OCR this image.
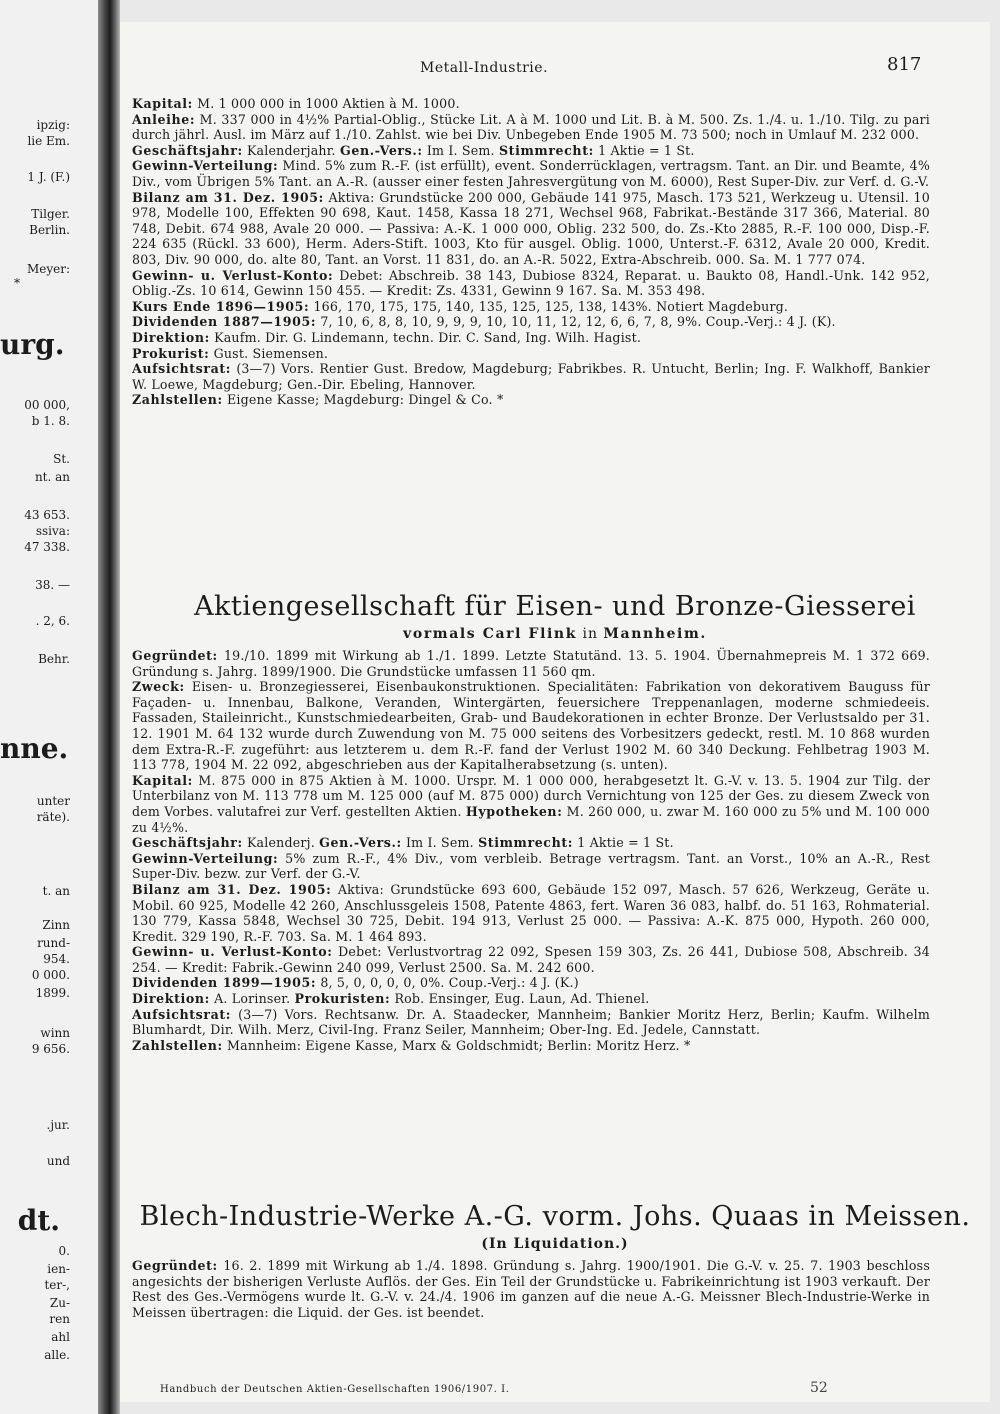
ipzig:
lie Em.
1 J. (F.)
Tilger.
Berlin.
Meyer:
*
urg.
00 000,
b 1. 8.
St.
nt. an
43 653.
ssiva:
47 338.
38. —
. 2, 6.
Behr.
nne.
unter
räte).
t. an
Zinn
rund-
954.
0 000.
1899.
winn
9 656.
.jur.
und
dt.
0.
ien-
ter-,
Zu-
ren
ahl
alle.
Metall-Industrie.	817

Kapital: M. 1 000 000 in 1000 Aktien à M. 1000.

Anleihe: M. 337 000 in 4½% Partial-Oblig., Stücke Lit. A à M. 1000 und Lit. B. à M. 500. Zs. 1./4. u. 1./10. Tilg. zu pari durch jährl. Ausl. im März auf 1./10. Zahlst. wie bei Div. Unbegeben Ende 1905 M. 73 500; noch in Umlauf M. 232 000.

Geschäftsjahr: Kalenderjahr. Gen.-Vers.: Im I. Sem. Stimmrecht: 1 Aktie = 1 St.

Gewinn-Verteilung: Mind. 5% zum R.-F. (ist erfüllt), event. Sonderrücklagen, vertragsm. Tant. an Dir. und Beamte, 4% Div., vom Übrigen 5% Tant. an A.-R. (ausser einer festen Jahresvergütung von M. 6000), Rest Super-Div. zur Verf. d. G.-V.

Bilanz am 31. Dez. 1905: Aktiva: Grundstücke 200 000, Gebäude 141 975, Masch. 173 521, Werkzeug u. Utensil. 10 978, Modelle 100, Effekten 90 698, Kaut. 1458, Kassa 18 271, Wechsel 968, Fabrikat.-Bestände 317 366, Material. 80 748, Debit. 674 988, Avale 20 000. — Passiva: A.-K. 1 000 000, Oblig. 232 500, do. Zs.-Kto 2885, R.-F. 100 000, Disp.-F. 224 635 (Rückl. 33 600), Herm. Aders-Stift. 1003, Kto für ausgel. Oblig. 1000, Unterst.-F. 6312, Avale 20 000, Kredit. 803, Div. 90 000, do. alte 80, Tant. an Vorst. 11 831, do. an A.-R. 5022, Extra-Abschreib. 000. Sa. M. 1 777 074.

Gewinn- u. Verlust-Konto: Debet: Abschreib. 38 143, Dubiose 8324, Reparat. u. Baukto 08, Handl.-Unk. 142 952, Oblig.-Zs. 10 614, Gewinn 150 455. — Kredit: Zs. 4331, Gewinn 9 167. Sa. M. 353 498.

Kurs Ende 1896—1905: 166, 170, 175, 175, 140, 135, 125, 125, 138, 143%. Notiert Magdeburg.

Dividenden 1887—1905: 7, 10, 6, 8, 8, 10, 9, 9, 9, 10, 10, 11, 12, 12, 6, 6, 7, 8, 9%. Coup.-Verj.: 4 J. (K).

Direktion: Kaufm. Dir. G. Lindemann, techn. Dir. C. Sand, Ing. Wilh. Hagist.

Prokurist: Gust. Siemensen.

Aufsichtsrat: (3—7) Vors. Rentier Gust. Bredow, Magdeburg; Fabrikbes. R. Untucht, Berlin; Ing. F. Walkhoff, Bankier W. Loewe, Magdeburg; Gen.-Dir. Ebeling, Hannover.

Zahlstellen: Eigene Kasse; Magdeburg: Dingel & Co. *

Aktiengesellschaft für Eisen- und Bronze-Giesserei
vormals Carl Flink in Mannheim.

Gegründet: 19./10. 1899 mit Wirkung ab 1./1. 1899. Letzte Statutänd. 13. 5. 1904. Übernahmepreis M. 1 372 669. Gründung s. Jahrg. 1899/1900. Die Grundstücke umfassen 11 560 qm.

Zweck: Eisen- u. Bronzegiesserei, Eisenbaukonstruktionen. Specialitäten: Fabrikation von dekorativem Bauguss für Façaden- u. Innenbau, Balkone, Veranden, Wintergärten, feuersichere Treppenanlagen, moderne schmiedeeis. Fassaden, Staileinricht., Kunstschmiedearbeiten, Grab- und Baudekorationen in echter Bronze. Der Verlustsaldo per 31. 12. 1901 M. 64 132 wurde durch Zuwendung von M. 75 000 seitens des Vorbesitzers gedeckt, restl. M. 10 868 wurden dem Extra-R.-F. zugeführt: aus letzterem u. dem R.-F. fand der Verlust 1902 M. 60 340 Deckung. Fehlbetrag 1903 M. 113 778, 1904 M. 22 092, abgeschrieben aus der Kapitalherabsetzung (s. unten).

Kapital: M. 875 000 in 875 Aktien à M. 1000. Urspr. M. 1 000 000, herabgesetzt lt. G.-V. v. 13. 5. 1904 zur Tilg. der Unterbilanz von M. 113 778 um M. 125 000 (auf M. 875 000) durch Vernichtung von 125 der Ges. zu diesem Zweck von dem Vorbes. valutafrei zur Verf. gestellten Aktien. Hypotheken: M. 260 000, u. zwar M. 160 000 zu 5% und M. 100 000 zu 4½%.

Geschäftsjahr: Kalenderj. Gen.-Vers.: Im I. Sem. Stimmrecht: 1 Aktie = 1 St.

Gewinn-Verteilung: 5% zum R.-F., 4% Div., vom verbleib. Betrage vertragsm. Tant. an Vorst., 10% an A.-R., Rest Super-Div. bezw. zur Verf. der G.-V.

Bilanz am 31. Dez. 1905: Aktiva: Grundstücke 693 600, Gebäude 152 097, Masch. 57 626, Werkzeug, Geräte u. Mobil. 60 925, Modelle 42 260, Anschlussgeleis 1508, Patente 4863, fert. Waren 36 083, halbf. do. 51 163, Rohmaterial. 130 779, Kassa 5848, Wechsel 30 725, Debit. 194 913, Verlust 25 000. — Passiva: A.-K. 875 000, Hypoth. 260 000, Kredit. 329 190, R.-F. 703. Sa. M. 1 464 893.

Gewinn- u. Verlust-Konto: Debet: Verlustvortrag 22 092, Spesen 159 303, Zs. 26 441, Dubiose 508, Abschreib. 34 254. — Kredit: Fabrik.-Gewinn 240 099, Verlust 2500. Sa. M. 242 600.

Dividenden 1899—1905: 8, 5, 0, 0, 0, 0, 0%. Coup.-Verj.: 4 J. (K.)

Direktion: A. Lorinser. Prokuristen: Rob. Ensinger, Eug. Laun, Ad. Thienel.

Aufsichtsrat: (3—7) Vors. Rechtsanw. Dr. A. Staadecker, Mannheim; Bankier Moritz Herz, Berlin; Kaufm. Wilhelm Blumhardt, Dir. Wilh. Merz, Civil-Ing. Franz Seiler, Mannheim; Ober-Ing. Ed. Jedele, Cannstatt.

Zahlstellen: Mannheim: Eigene Kasse, Marx & Goldschmidt; Berlin: Moritz Herz. *

Blech-Industrie-Werke A.-G. vorm. Johs. Quaas in Meissen.
(In Liquidation.)

Gegründet: 16. 2. 1899 mit Wirkung ab 1./4. 1898. Gründung s. Jahrg. 1900/1901. Die G.-V. v. 25. 7. 1903 beschloss angesichts der bisherigen Verluste Auflös. der Ges. Ein Teil der Grundstücke u. Fabrikeinrichtung ist 1903 verkauft. Der Rest des Ges.-Vermögens wurde lt. G.-V. v. 24./4. 1906 im ganzen auf die neue A.-G. Meissner Blech-Industrie-Werke in Meissen übertragen: die Liquid. der Ges. ist beendet.

Handbuch der Deutschen Aktien-Gesellschaften 1906/1907. I.	52
